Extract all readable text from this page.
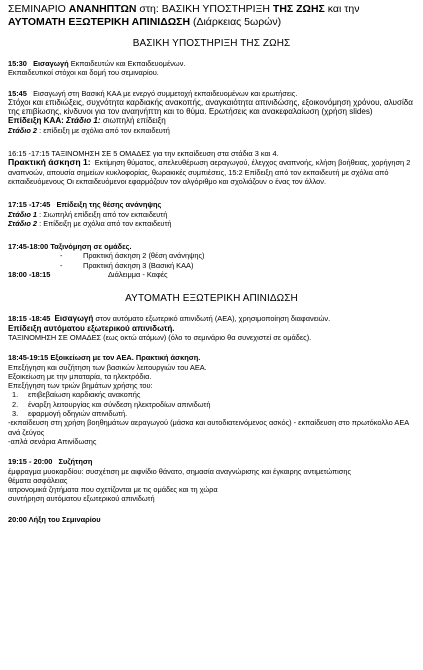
ΣΕΜΙΝΑΡΙΟ ΑΝΑΝΗΠΤΩΝ στη: ΒΑΣΙΚΗ ΥΠΟΣΤΗΡΙΞΗ ΤΗΣ ΖΩΗΣ και την
ΑΥΤΟΜΑΤΗ ΕΞΩΤΕΡΙΚΗ ΑΠΙΝΙΔΩΣΗ (Διάρκειας 5ωρών)
ΒΑΣΙΚΗ ΥΠΟΣΤΗΡΙΞΗ ΤΗΣ ΖΩΗΣ
15:30 Εισαγωγή Εκπαιδευτών και Εκπαιδευομένων.
Εκπαιδευτικοί στόχοι και δομή του σεμιναρίου.
15:45 Εισαγωγή στη Βασική ΚΑΑ με ενεργό συμμετοχή εκπαιδευομένων και ερωτήσεις.
Στόχοι και επιδιώξεις, συχνότητα καρδιακής ανακοπής, αναγκαιότητα απινιδώσης, εξοικονόμηση χρόνου, αλυσίδα της επιβίωσης, κίνδυνοι για τον αναηνήπτη και το θύμα. Ερωτήσεις και ανακεφαλαίωση (χρήση slides)
Επίδειξη ΚΑΑ: Στάδιο 1: σιωπηλή επίδειξη
Στάδιο 2 : επίδειξη με σχόλια από τον εκπαιδευτή
16:15 -17:15 ΤΑΞΙΝΟΜΗΣΗ ΣΕ 5 ΟΜΑΔΕΣ για την εκπαίδευση στα στάδια 3 και 4.
Πρακτική άσκηση 1: Εκτίμηση θύματος, απελευθέρωση αεραγωγού, έλεγχος αναπνοής, κλήση βοήθειας, χορήγηση 2 αναπνοών, απουσία σημείων κυκλοφορίας, θωρακικές συμπιέσεις, 15:2 Επίδειξη από τον εκπαιδευτή με σχόλια από εκπαιδευόμενους Οι εκπαιδευόμενοι εφαρμόζουν τον αλγόριθμο και σχολιάζουν ο ένας τον άλλον.
17:15 -17:45 Επίδειξη της θέσης ανάνηψης
Στάδιο 1 : Σιωπηλή επίδειξη από τον εκπαιδευτή
Στάδιο 2 : Επίδειξη με σχόλια από τον εκπαιδευτή
17:45-18:00 Ταξινόμηση σε ομάδες.
-          Πρακτική άσκηση 2 (θέση ανάνηψης)
-          Πρακτική άσκηση 3 (Βασική ΚΑΑ)
18:00 -18:15	Διάλειμμα - Καφές
ΑΥΤΟΜΑΤΗ ΕΞΩΤΕΡΙΚΗ ΑΠΙΝΙΔΩΣΗ
18:15 -18:45 Εισαγωγή στον αυτόματο εξωτερικό απινιδωτή (ΑΕΑ), χρησιμοποίηση διαφανειών.
Επίδειξη αυτόματου εξωτερικού απινιδωτή.
ΤΑΞΙΝΟΜΗΣΗ ΣΕ ΟΜΑΔΕΣ (εως οκτώ ατόμων) (όλο το σεμινάριο θα συνεχιστεί σε ομάδες).
18:45-19:15 Εξοικείωση με τον ΑΕΑ. Πρακτική άσκηση.
Επεξήγηση και συζήτηση των βασικών λειτουργιών του ΑΕΑ.
Εξοικείωση με την μπαταρία, τα ηλεκτρόδια.
Επεξήγηση των τριών βημάτων χρήσης του:
1.	επιβεβαίωση καρδιακής ανακοπής
2.	έναρξη λειτουργίας και σύνδεση ηλεκτροδίων απινιδωτή
3.	εφαρμογή οδηγιών απινιδωτή.
-εκπαίδευση στη χρήση βοηθημάτων αεραγωγού (μάσκα και αυτοδιατεινόμενος ασκός) - εκπαίδευση στο πρωτόκολλο ΑΕΑ ανά ζεύγος
-απλά σενάρια Απινίδωσης
19:15 - 20:00 Συζήτηση
έμφραγμα μυοκαρδίου: συσχέτιση με αιφνίδιο θάνατο, σημασία αναγνώρισης και έγκαιρης αντιμετώπισης
θέματα ασφάλειας
ιατρονομικά ζητήματα που σχετίζονται με τις ομάδες και τη χώρα
συντήρηση αυτόματου εξωτερικού απινιδωτή
20:00 Λήξη του Σεμιναρίου
